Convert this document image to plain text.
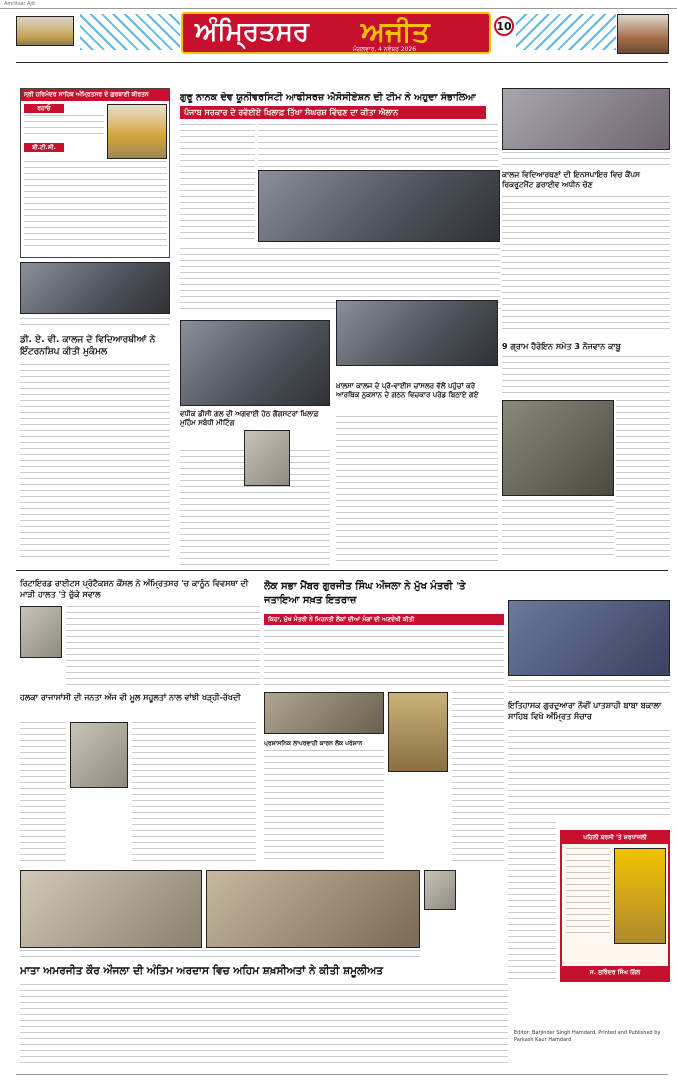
Amritsar Ajit
ਅੰਮ੍ਰਿਤਸਰ ਅਜੀਤ
ਮੰਗਲਵਾਰ, 4 ਨਵੰਬਰ 2026
10
ਸ੍ਰੀ ਹਰਿਮੰਦਰ ਸਾਹਿਬ ਅੰਮ੍ਰਿਤਸਰ ਦੇ ਗੁਰਬਾਣੀ ਕੀਰਤਨ
ਰਹਾਓ
ਬੀ.ਟੀ.ਸੀ.
ਡੀ. ਏ. ਵੀ. ਕਾਲਜ ਦੇ ਵਿਦਿਆਰਥੀਆਂ ਨੇ ਇੰਟਰਨਸ਼ਿਪ ਕੀਤੀ ਮੁਕੰਮਲ
ਗੁਰੂ ਨਾਨਕ ਦੇਵ ਯੂਨੀਵਰਸਿਟੀ ਆਫੀਸਰਜ਼ ਐਸੋਸੀਏਸ਼ਨ ਦੀ ਟੀਮ ਨੇ ਅਹੁਦਾ ਸੰਭਾਲਿਆ
ਪੰਜਾਬ ਸਰਕਾਰ ਦੇ ਰਵੱਈਏ ਖ਼ਿਲਾਫ਼ ਤਿੱਖਾ ਸੰਘਰਸ਼ ਵਿੱਢਣ ਦਾ ਕੀਤਾ ਐਲਾਨ
ਵਧੀਕ ਡੀਸੀ ਗਲ ਦੀ ਅਗਵਾਈ ਹੇਠ ਗੈਂਗਸਟਰਾਂ ਖ਼ਿਲਾਫ਼ ਮੁਹਿੰਮ ਸਬੰਧੀ ਮੀਟਿੰਗ
ਖ਼ਾਲਸਾ ਕਾਲਜ ਦੇ ਪ੍ਰੋ-ਵਾਈਸ ਚਾਂਸਲਰ ਵੱਲੋਂ ਪਹੁੰਚਾਂ ਕਰੇ ਆਰਥਿਕ ਨੁਕਸਾਨ ਦੇ ਗਠਨ ਵਿਚਕਾਰ ਪਰੇਡ ਬਿਠਾਏ ਗਏ
ਕਾਲਜ ਵਿਦਿਆਰਥਣਾਂ ਦੀ ਇਨਸਪਾਇਰ ਵਿਚ ਕੈਂਪਸ ਰਿਕਰੂਟਮੈਂਟ ਡਰਾਈਵ ਅਧੀਨ ਚੋਣ
9 ਗ੍ਰਾਮ ਹੈਰੋਇਨ ਸਮੇਤ 3 ਨੌਜਵਾਨ ਕਾਬੂ
ਰਿਟਾਇਰਡ ਰਾਈਟਸ ਪ੍ਰੋਟੈਕਸ਼ਨ ਕੌਂਸਲ ਨੇ ਅੰਮ੍ਰਿਤਸਰ 'ਚ ਕਾਨੂੰਨ ਵਿਵਸਥਾ ਦੀ ਮਾੜੀ ਹਾਲਤ 'ਤੇ ਚੁੱਕੇ ਸਵਾਲ
ਲੋਕ ਸਭਾ ਮੈਂਬਰ ਗੁਰਜੀਤ ਸਿੰਘ ਔਜਲਾ ਨੇ ਮੁੱਖ ਮੰਤਰੀ 'ਤੇ ਜਤਾਇਆ ਸਖ਼ਤ ਇਤਰਾਜ਼
ਕਿਹਾ, ਮੁੱਖ ਮੰਤਰੀ ਨੇ ਮਿਹਨਤੀ ਲੋਕਾਂ ਦੀਆਂ ਮੰਗਾਂ ਦੀ ਅਣਦੇਖੀ ਕੀਤੀ
ਹਲਕਾ ਰਾਜਾਸਾਂਸੀ ਦੀ ਜਨਤਾ ਅੱਜ ਵੀ ਮੂਲ ਸਹੂਲਤਾਂ ਨਾਲ ਵਾਂਝੀ ਖੜ੍ਹੀ-ਰੱਖਦੀ
ਪ੍ਰਸ਼ਾਸਨਿਕ ਲਾਪਰਵਾਹੀ ਕਾਰਨ ਲੋਕ ਪਰੇਸ਼ਾਨ
ਇਤਿਹਾਸਕ ਗੁਰਦੁਆਰਾ ਨੌਵੀਂ ਪਾਤਸ਼ਾਹੀ ਬਾਬਾ ਬਕਾਲਾ ਸਾਹਿਬ ਵਿਖੇ ਅੰਮ੍ਰਿਤ ਸੰਚਾਰ
ਮਾਤਾ ਅਮਰਜੀਤ ਕੌਰ ਔਜਲਾ ਦੀ ਅੰਤਿਮ ਅਰਦਾਸ ਵਿਚ ਅਹਿਮ ਸ਼ਖ਼ਸੀਅਤਾਂ ਨੇ ਕੀਤੀ ਸ਼ਮੂਲੀਅਤ
ਪਹਿਲੀ ਬਰਸੀ 'ਤੇ ਸ਼ਰਧਾਂਜਲੀ
ਸ. ਸੁਰਿੰਦਰ ਸਿੰਘ ਗਿੱਲ
Editor: Barjinder Singh Hamdard, Printed and Published by Parkash Kaur Hamdard
